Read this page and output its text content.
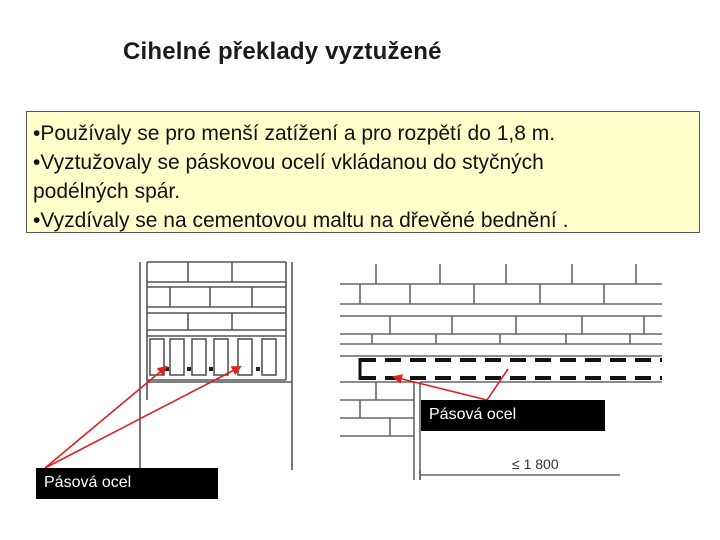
Cihelné překlady vyztužené
•Používaly se pro menší zatížení a pro rozpětí do 1,8 m.
•Vyztužovaly se páskovou ocelí vkládanou do styčných
podélných spár.
•Vyzdívaly se na cementovou maltu na dřevěné bednění .
≤ 1 800
Pásová ocel
Pásová ocel
